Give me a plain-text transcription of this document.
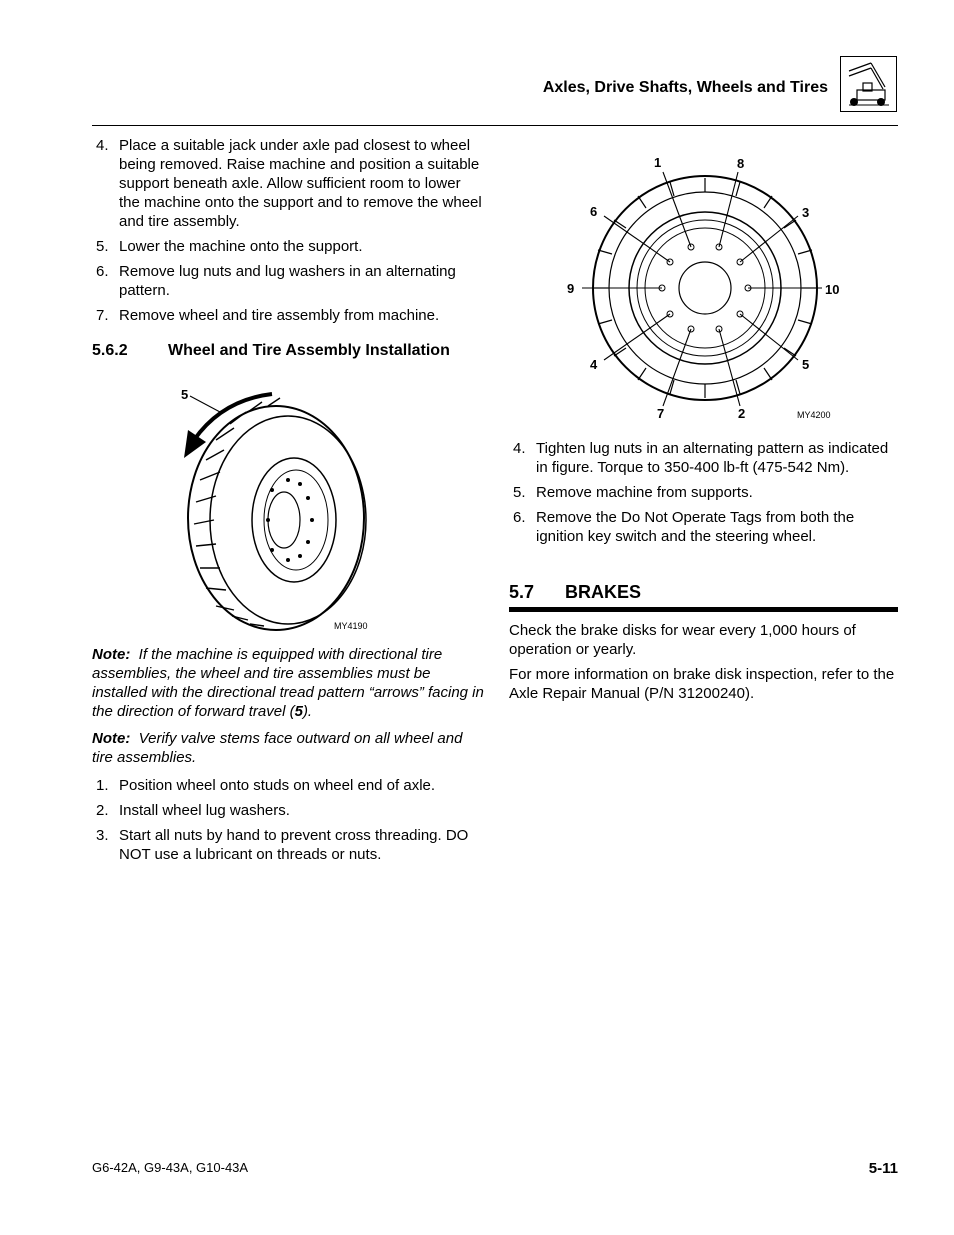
Axles, Drive Shafts, Wheels and Tires
4. Place a suitable jack under axle pad closest to wheel being removed. Raise machine and position a suitable support beneath axle. Allow sufficient room to lower the machine onto the support and to remove the wheel and tire assembly.
5. Lower the machine onto the support.
6. Remove lug nuts and lug washers in an alternating pattern.
7. Remove wheel and tire assembly from machine.
5.6.2	Wheel and Tire Assembly Installation
5
MY4190
Note: If the machine is equipped with directional tire assemblies, the wheel and tire assemblies must be installed with the directional tread pattern “arrows” facing in the direction of forward travel (5).
Note: Verify valve stems face outward on all wheel and tire assemblies.
1. Position wheel onto studs on wheel end of axle.
2. Install wheel lug washers.
3. Start all nuts by hand to prevent cross threading. DO NOT use a lubricant on threads or nuts.
1	8
6	3
9	10
4	5
7	2	MY4200
4. Tighten lug nuts in an alternating pattern as indicated in figure. Torque to 350-400 lb-ft (475-542 Nm).
5. Remove machine from supports.
6. Remove the Do Not Operate Tags from both the ignition key switch and the steering wheel.
5.7 BRAKES
Check the brake disks for wear every 1,000 hours of operation or yearly.
For more information on brake disk inspection, refer to the Axle Repair Manual (P/N 31200240).
G6-42A, G9-43A, G10-43A	5-11
